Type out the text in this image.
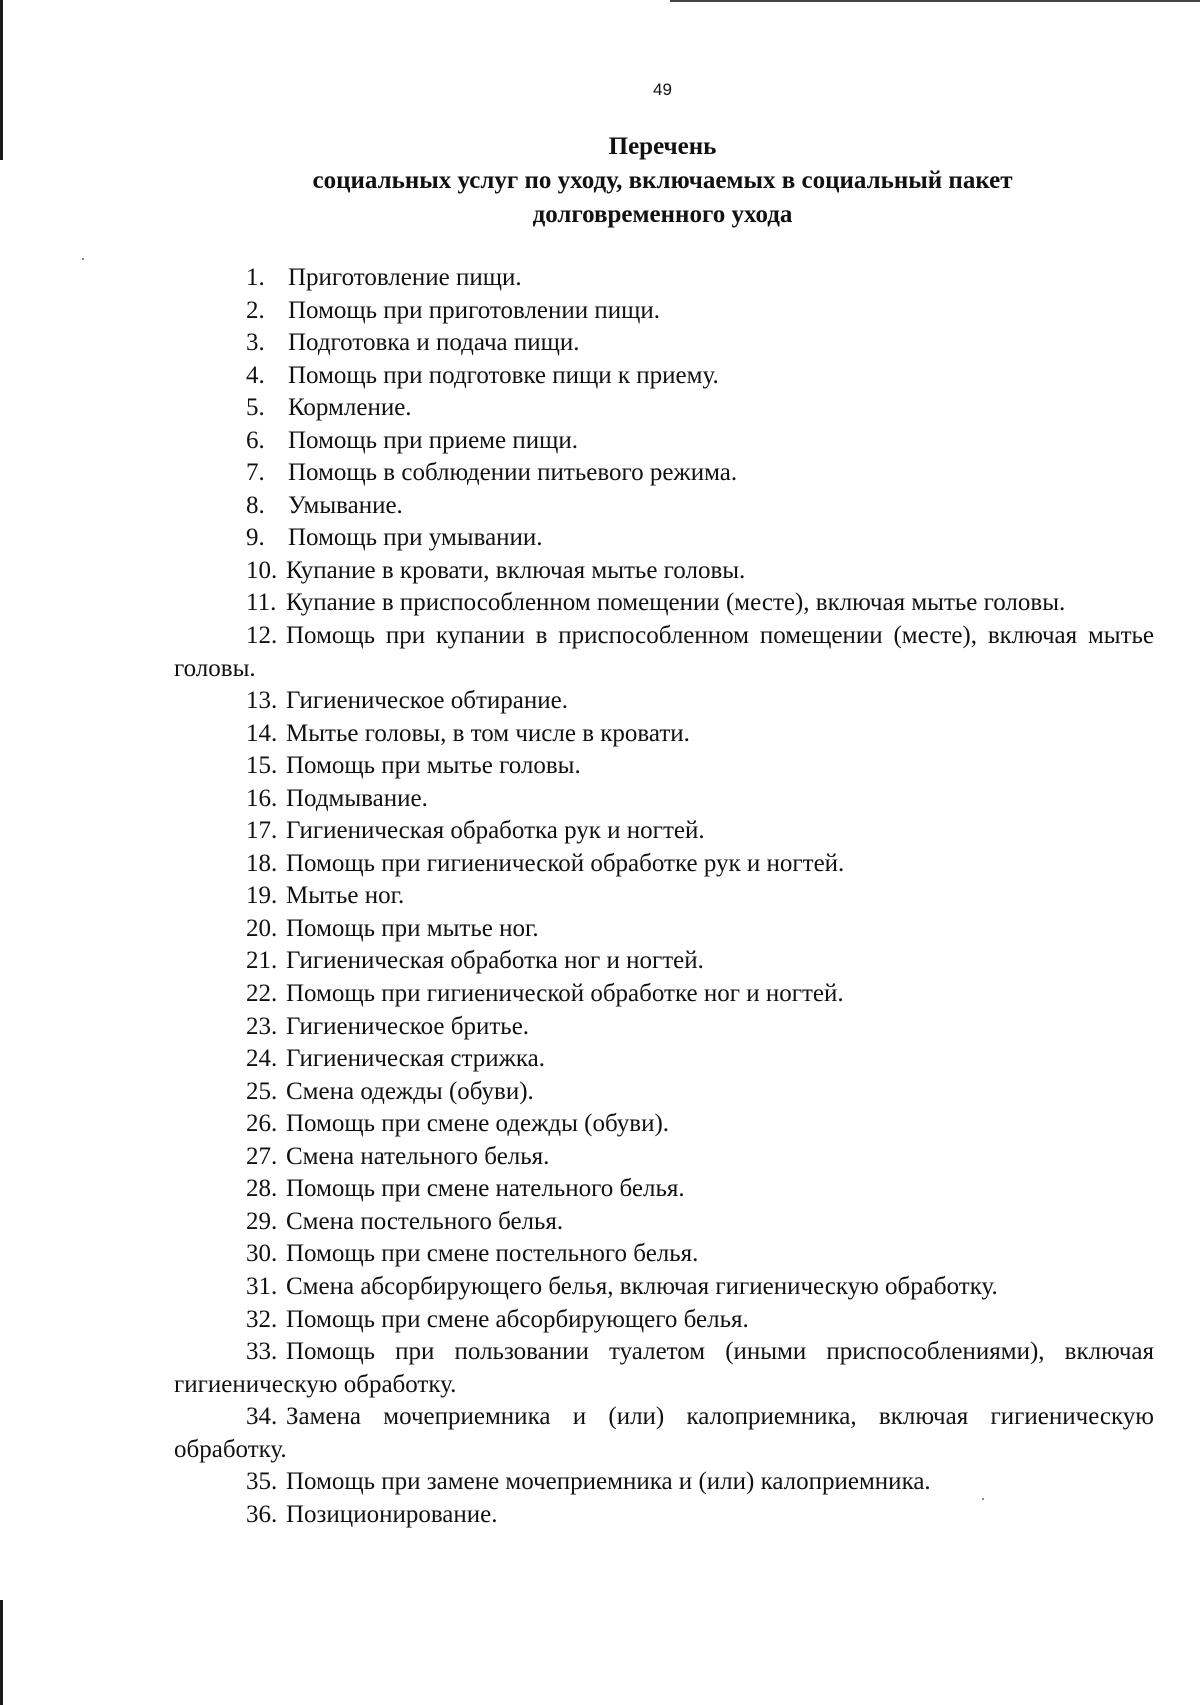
49
Перечень
социальных услуг по уходу, включаемых в социальный пакет
долговременного ухода
1. Приготовление пищи.
2. Помощь при приготовлении пищи.
3. Подготовка и подача пищи.
4. Помощь при подготовке пищи к приему.
5. Кормление.
6. Помощь при приеме пищи.
7. Помощь в соблюдении питьевого режима.
8. Умывание.
9. Помощь при умывании.
10. Купание в кровати, включая мытье головы.
11. Купание в приспособленном помещении (месте), включая мытье головы.
12. Помощь при купании в приспособленном помещении (месте), включая мытье головы.
13. Гигиеническое обтирание.
14. Мытье головы, в том числе в кровати.
15. Помощь при мытье головы.
16. Подмывание.
17. Гигиеническая обработка рук и ногтей.
18. Помощь при гигиенической обработке рук и ногтей.
19. Мытье ног.
20. Помощь при мытье ног.
21. Гигиеническая обработка ног и ногтей.
22. Помощь при гигиенической обработке ног и ногтей.
23. Гигиеническое бритье.
24. Гигиеническая стрижка.
25. Смена одежды (обуви).
26. Помощь при смене одежды (обуви).
27. Смена нательного белья.
28. Помощь при смене нательного белья.
29. Смена постельного белья.
30. Помощь при смене постельного белья.
31. Смена абсорбирующего белья, включая гигиеническую обработку.
32. Помощь при смене абсорбирующего белья.
33. Помощь при пользовании туалетом (иными приспособлениями), включая гигиеническую обработку.
34. Замена мочеприемника и (или) калоприемника, включая гигиеническую обработку.
35. Помощь при замене мочеприемника и (или) калоприемника.
36. Позиционирование.
